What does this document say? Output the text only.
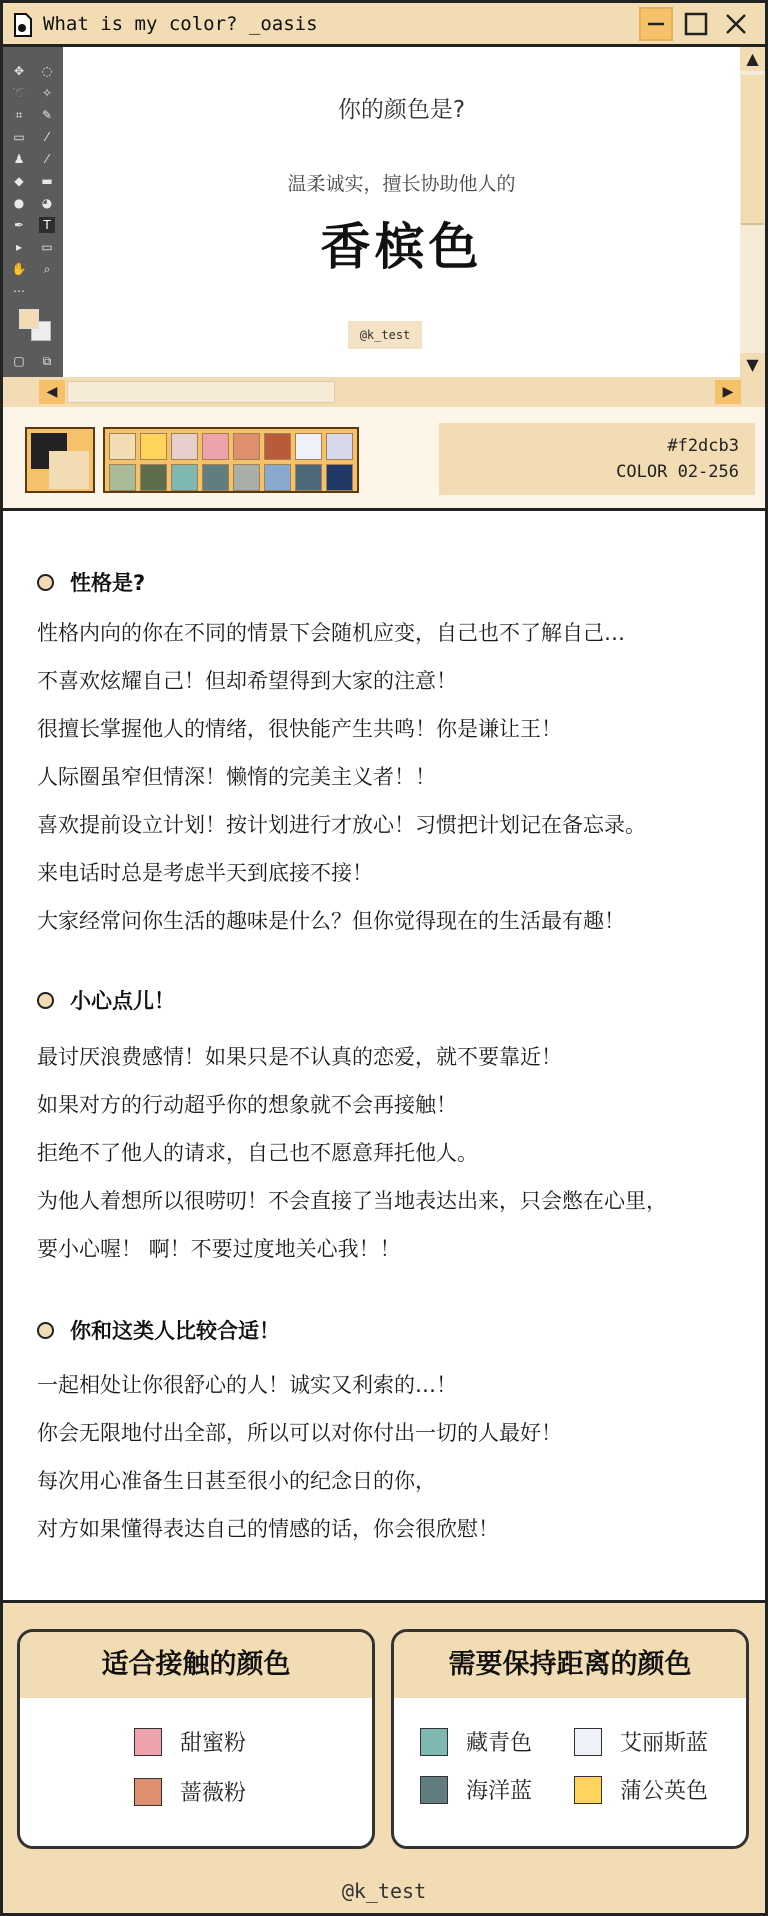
What is my color? _oasis
✥ ◌
➰ ✧
⌗	✎
▭	⁄
♟	⁄
◆ ▬
● ◕
✒	T
▸	▭
✋	⌕
⋯
▢	⧉
你的颜色是?
温柔诚实，擅长协助他人的
香槟色
@k_test
▲
▼
◀	▶
#f2dcb3
COLOR 02-256
性格是?
性格内向的你在不同的情景下会随机应变，自己也不了解自己…
不喜欢炫耀自己！但却希望得到大家的注意！
很擅长掌握他人的情绪，很快能产生共鸣！你是谦让王！
人际圈虽窄但情深！懒惰的完美主义者！！
喜欢提前设立计划！按计划进行才放心！习惯把计划记在备忘录。
来电话时总是考虑半天到底接不接！
大家经常问你生活的趣味是什么？但你觉得现在的生活最有趣！
小心点儿！
最讨厌浪费感情！如果只是不认真的恋爱，就不要靠近！
如果对方的行动超乎你的想象就不会再接触！
拒绝不了他人的请求，自己也不愿意拜托他人。
为他人着想所以很唠叨！不会直接了当地表达出来，只会憋在心里，
要小心喔！ 啊！不要过度地关心我！！
你和这类人比较合适！
一起相处让你很舒心的人！诚实又利索的…！
你会无限地付出全部，所以可以对你付出一切的人最好！
每次用心准备生日甚至很小的纪念日的你，
对方如果懂得表达自己的情感的话，你会很欣慰！
适合接触的颜色
甜蜜粉
蔷薇粉
需要保持距离的颜色
藏青色	艾丽斯蓝
海洋蓝	蒲公英色
@k_test
